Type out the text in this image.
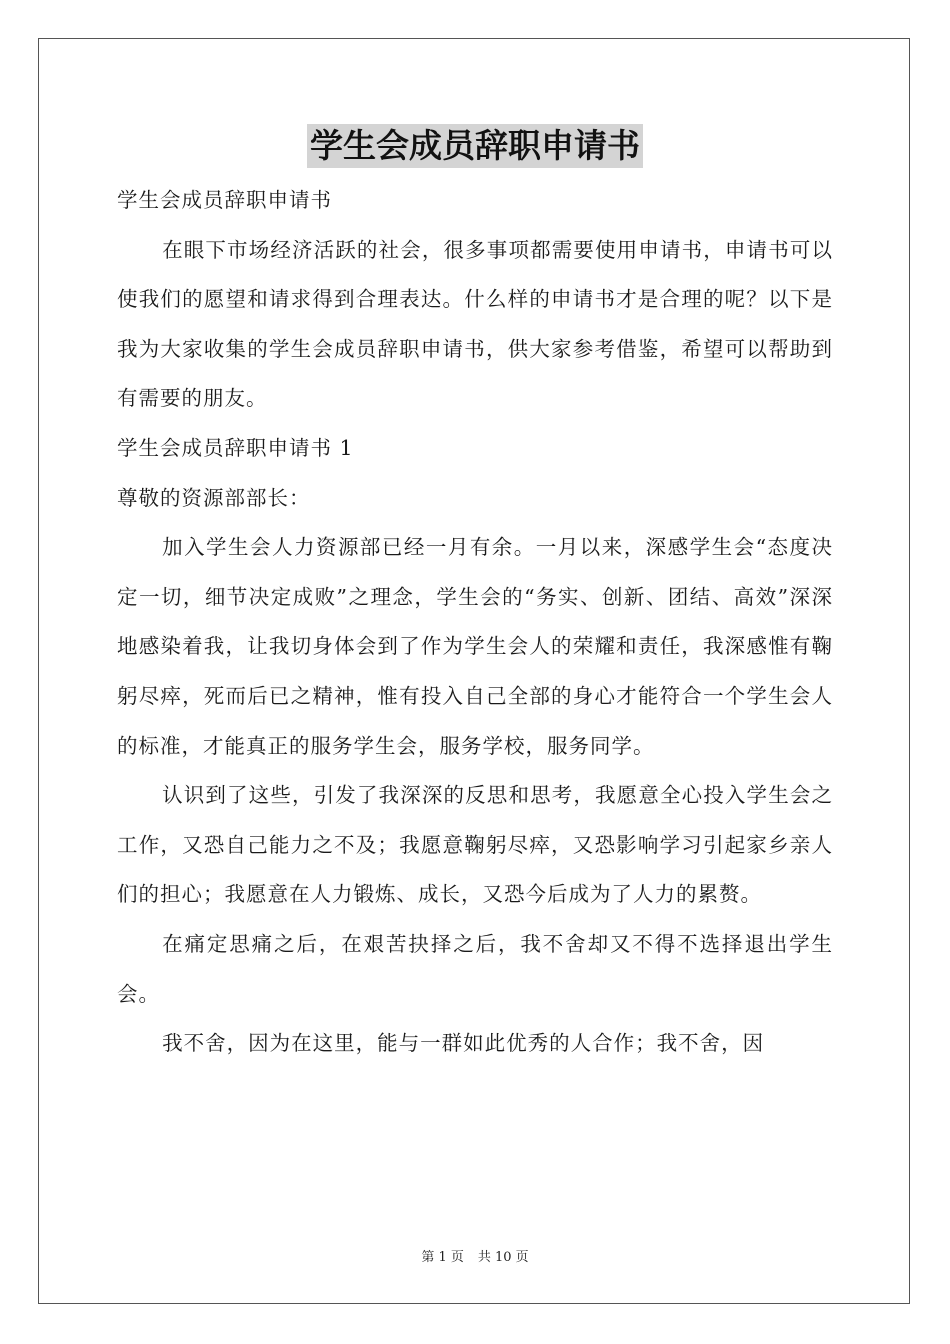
学生会成员辞职申请书

学生会成员辞职申请书

在眼下市场经济活跃的社会，很多事项都需要使用申请书，申请书可以使我们的愿望和请求得到合理表达。什么样的申请书才是合理的呢？以下是我为大家收集的学生会成员辞职申请书，供大家参考借鉴，希望可以帮助到有需要的朋友。

学生会成员辞职申请书 1

尊敬的资源部部长：

加入学生会人力资源部已经一月有余。一月以来，深感学生会“态度决定一切，细节决定成败”之理念，学生会的“务实、创新、团结、高效”深深地感染着我，让我切身体会到了作为学生会人的荣耀和责任，我深感惟有鞠躬尽瘁，死而后已之精神，惟有投入自己全部的身心才能符合一个学生会人的标准，才能真正的服务学生会，服务学校，服务同学。

认识到了这些，引发了我深深的反思和思考，我愿意全心投入学生会之工作，又恐自己能力之不及；我愿意鞠躬尽瘁，又恐影响学习引起家乡亲人们的担心；我愿意在人力锻炼、成长，又恐今后成为了人力的累赘。

在痛定思痛之后，在艰苦抉择之后，我不舍却又不得不选择退出学生会。

我不舍，因为在这里，能与一群如此优秀的人合作；我不舍，因

第 1 页 共 10 页
